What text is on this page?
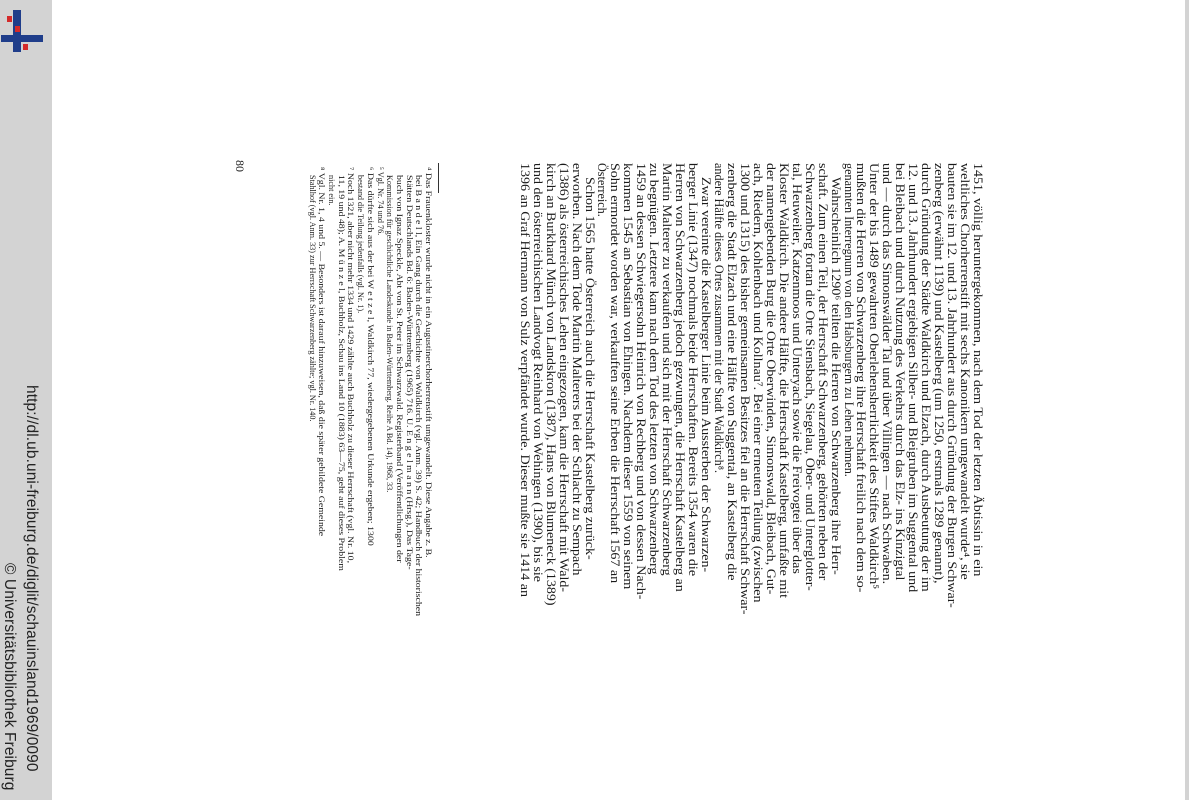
http://dl.ub.uni-freiburg.de/diglit/schauinsland1969/0090
© Universitätsbibliothek Freiburg
80	1451, völlig heruntergekommen, nach dem Tod der letzten Äbtissin in ein
weltliches Chorherrenstift mit sechs Kanonikern umgewandelt wurde⁴, sie
bauten sie im 12. und 13. Jahrhundert aus durch Gründung der Burgen Schwar-
zenberg (erwähnt 1139) und Kastelberg (um 1250, erstmals 1289 genannt),
durch Gründung der Städte Waldkirch und Elzach, durch Ausbeutung der im
12. und 13. Jahrhundert ergiebigen Silber- und Bleigruben im Suggental und
bei Bleibach und durch Nutzung des Verkehrs durch das Elz- ins Kinzigtal
und — durch das Simonswälder Tal und über Villingen — nach Schwaben.
Unter der bis 1489 gewahrten Oberlehensherrlichkeit des Stiftes Waldkirch⁵
mußten die Herren von Schwarzenberg ihre Herrschaft freilich nach dem so-
genannten Interregnum von den Habsburgern zu Lehen nehmen.
Wahrscheinlich 1290⁶ teilten die Herren von Schwarzenberg ihre Herr-
schaft. Zum einen Teil, der Herrschaft Schwarzenberg, gehörten neben der
Schwarzenberg fortan die Orte Siensbach, Siegelau, Ober- und Unterglotter-
tal, Heuweiler, Katzenmoos und Unteryach sowie die Freivogtei über das
Kloster Waldkirch. Die andere Hälfte, die Herrschaft Kastelberg, umfaßte mit
der namengebenden Burg die Orte Oberwinden, Simonswald, Bleibach, Gut-
ach, Riedern, Kohlenbach und Kollnau⁷. Bei einer erneuten Teilung (zwischen
1300 und 1315) des bisher gemeinsamen Besitzes fiel an die Herrschaft Schwar-
zenberg die Stadt Elzach und eine Hälfte von Suggental, an Kastelberg die
andere Hälfte dieses Ortes zusammen mit der Stadt Waldkirch⁸.
Zwar vereinte die Kastelberger Linie beim Aussterben der Schwarzen-
berger Linie (1347) nochmals beide Herrschaften. Bereits 1354 waren die
Herren von Schwarzenberg jedoch gezwungen, die Herrschaft Kastelberg an
Martin Malterer zu verkaufen und sich mit der Herrschaft Schwarzenberg
zu begnügen. Letztere kam nach dem Tod des letzten von Schwarzenberg
1459 an dessen Schwiegersohn Heinrich von Rechberg und von dessen Nach-
kommen 1545 an Sebastian von Ehingen. Nachdem dieser 1559 von seinem
Sohn ermordet worden war, verkauften seine Erben die Herrschaft 1567 an
Österreich.
Schon 1565 hatte Österreich auch die Herrschaft Kastelberg zurück-
erworben. Nach dem Tode Martin Malterers bei der Schlacht zu Sempach
(1386) als österreichisches Lehen eingezogen, kam die Herrschaft mit Wald-
kirch an Burkhard Münch von Landskron (1387), Hans von Blumeneck (1389)
und den österreichischen Landvogt Reinhard von Wehingen (1390), bis sie
1396 an Graf Hermann von Sulz verpfändet wurde. Dieser mußte sie 1414 an
⁴ Das Frauenkloster wurde nicht in ein Augustinerchorherrenstift umgewandelt. Diese Angabe z. B.
bei B a n d e l l, Ein Gang durch die Geschichte von Waldkirch (vgl. Anm. 39) S. 42; Handbuch der historischen
Stätten Deutschlands Bd. 6: Baden-Württemberg (1965) 716. U. E n g e l m a n n (Hrsg.), Das Tage-
buch von Ignaz Speckle, Abt von St. Peter im Schwarzwald. Registerband (Veröffentlichungen der
Kommission für geschichtliche Landeskunde in Baden-Württemberg. Reihe A Bd. 14), 1968, 33.
⁵ Vgl. Nr. 74 und 76.
⁶ Das dürfte sich aus der bei W e t z e l, Waldkirch 77, wiedergegebenen Urkunde ergeben; 1300
bestand die Teilung jedenfalls (vgl. Nr. 1).
⁷ Noch 1321, aber nicht mehr 1334 und 1429 zählte auch Buchholz zu dieser Herrschaft (vgl. Nr. 10,
11, 19 und 48); A. M ü n z e l, Buchholz, Schau ins Land 10 (1883) 63—75, geht auf dieses Problem
nicht ein.
⁸ Vgl. Nr. 1, 4 und 5. — Besonders ist darauf hinzuweisen, daß die später gebildete Gemeinde
Stahlhof (vgl. Anm. 33) zur Herrschaft Schwarzenberg zählte; vgl. Nr. 140.
